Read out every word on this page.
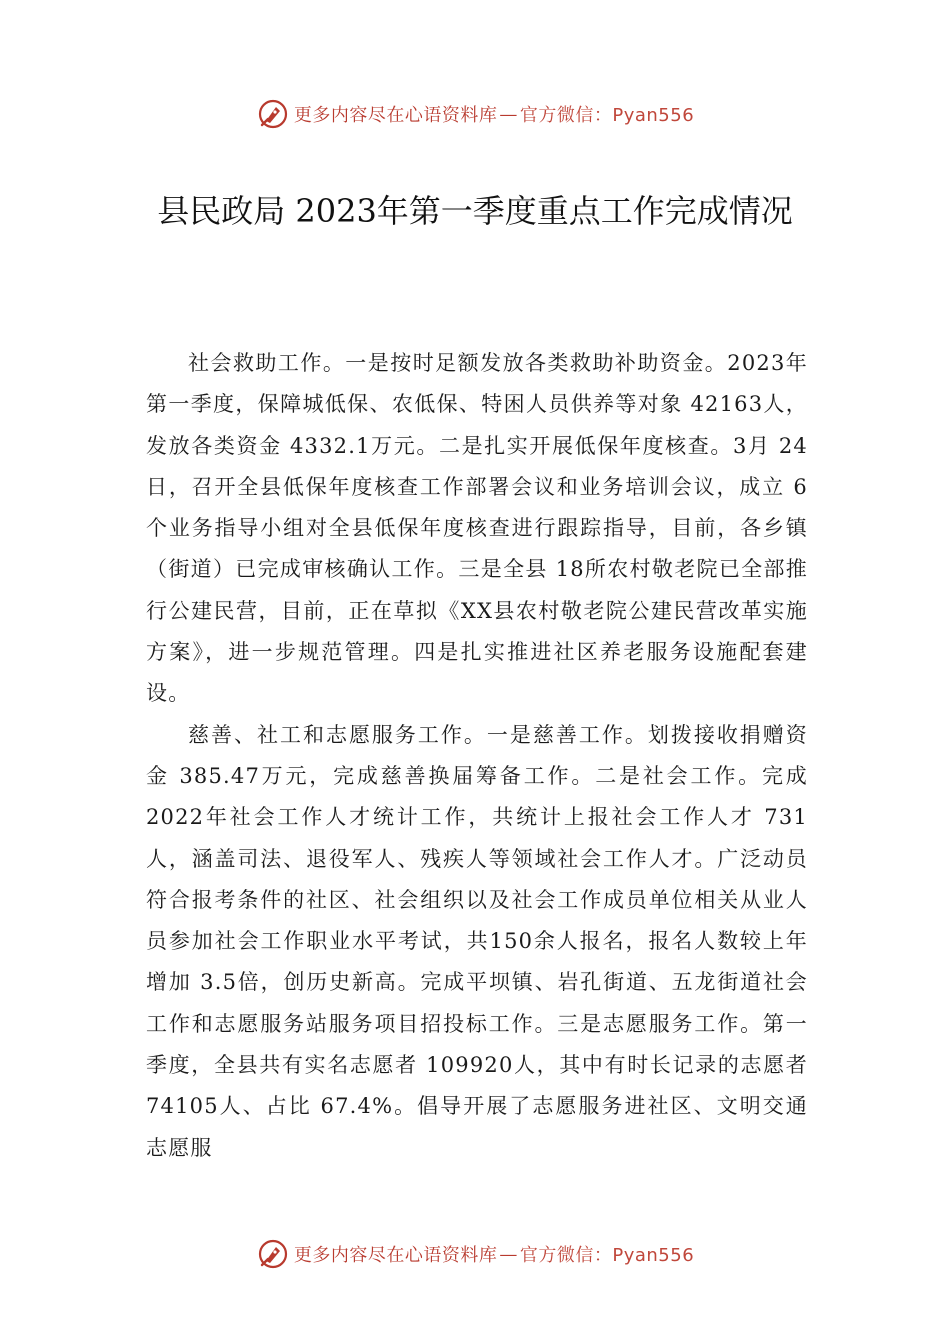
更多内容尽在心语资料库 — 官方微信：Pyan556
县民政局 2023年第一季度重点工作完成情况

社会救助工作。一是按时足额发放各类救助补助资金。2023年第一季度，保障城低保、农低保、特困人员供养等对象 42163人，发放各类资金 4332.1万元。二是扎实开展低保年度核查。3月 24日，召开全县低保年度核查工作部署会议和业务培训会议，成立 6个业务指导小组对全县低保年度核查进行跟踪指导，目前，各乡镇（街道）已完成审核确认工作。三是全县 18所农村敬老院已全部推行公建民营，目前，正在草拟《XX县农村敬老院公建民营改革实施方案》，进一步规范管理。四是扎实推进社区养老服务设施配套建设。

慈善、社工和志愿服务工作。一是慈善工作。划拨接收捐赠资金 385.47万元，完成慈善换届筹备工作。二是社会工作。完成 2022年社会工作人才统计工作，共统计上报社会工作人才 731人，涵盖司法、退役军人、残疾人等领域社会工作人才。广泛动员符合报考条件的社区、社会组织以及社会工作成员单位相关从业人员参加社会工作职业水平考试，共150余人报名，报名人数较上年增加 3.5倍，创历史新高。完成平坝镇、岩孔街道、五龙街道社会工作和志愿服务站服务项目招投标工作。三是志愿服务工作。第一季度，全县共有实名志愿者 109920人，其中有时长记录的志愿者 74105人、占比 67.4%。倡导开展了志愿服务进社区、文明交通志愿服

更多内容尽在心语资料库 — 官方微信：Pyan556
